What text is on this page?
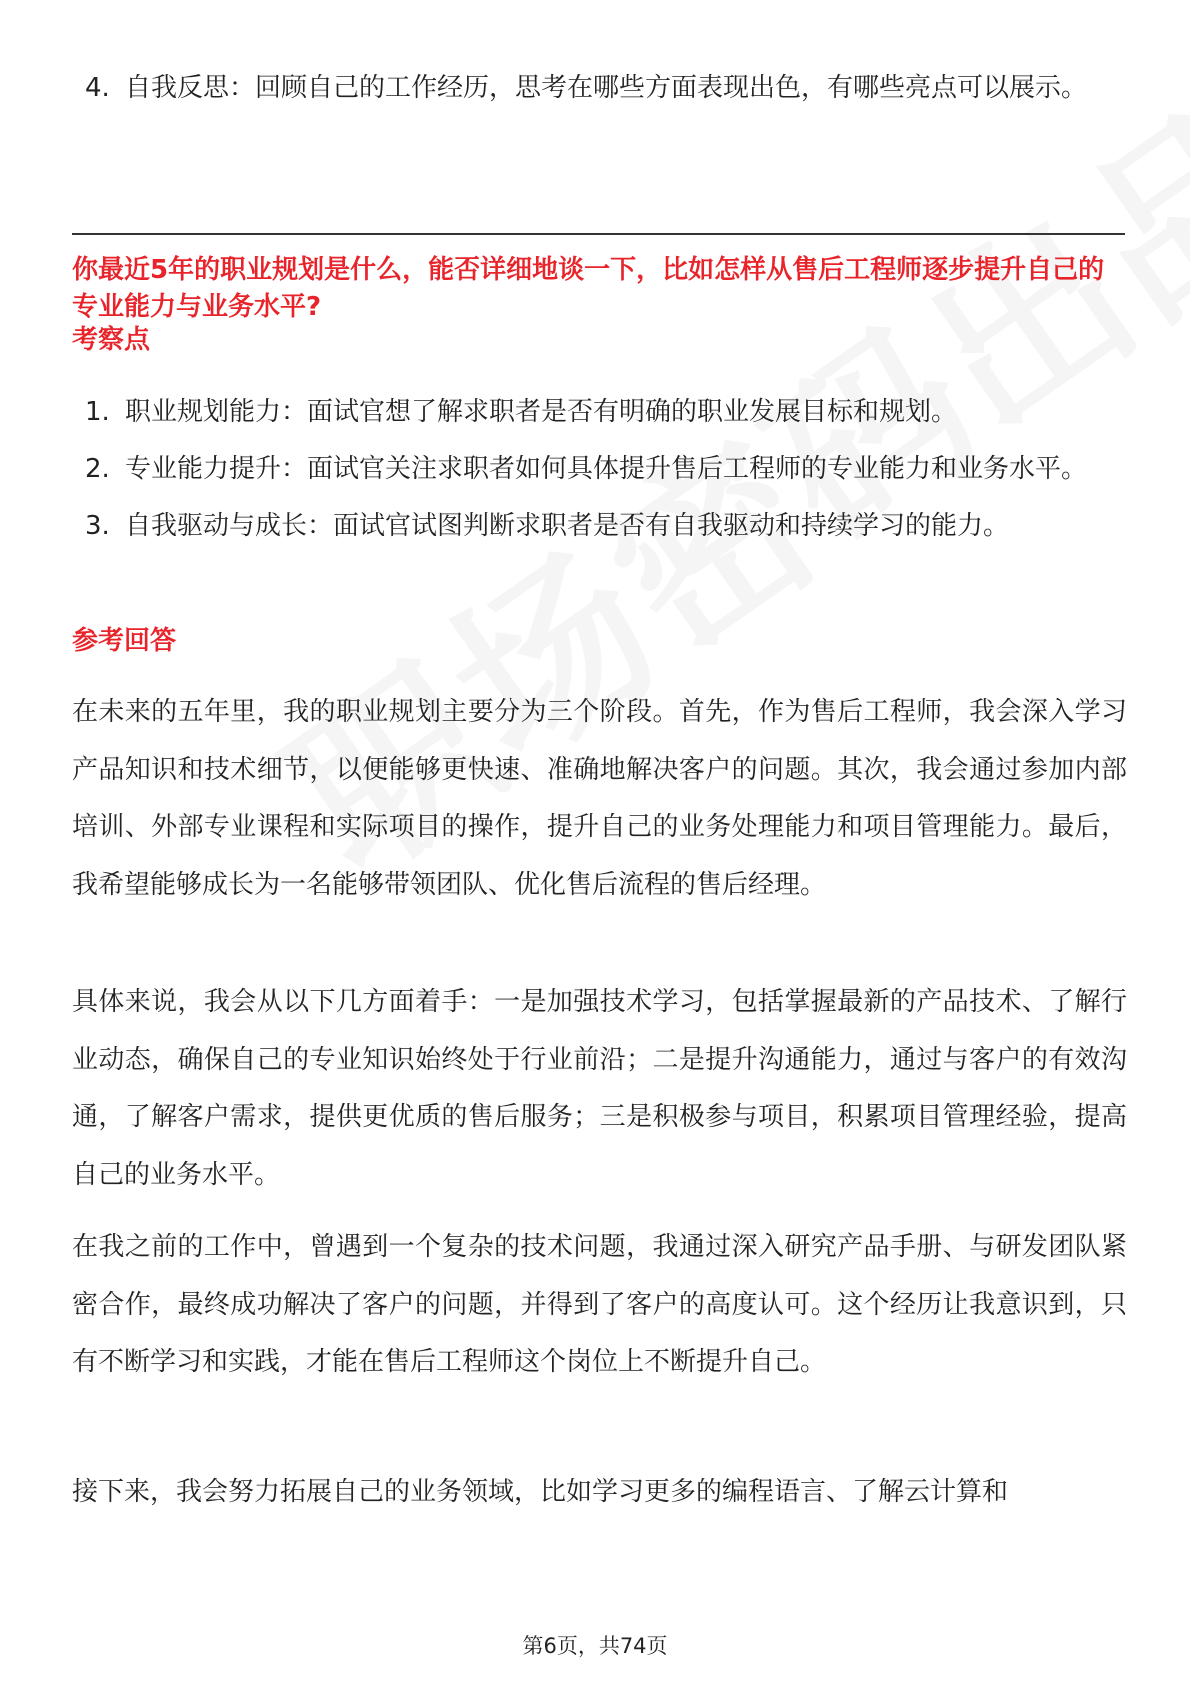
4. 自我反思：回顾自己的工作经历，思考在哪些方面表现出色，有哪些亮点可以展示。

你最近5年的职业规划是什么，能否详细地谈一下，比如怎样从售后工程师逐步提升自己的专业能力与业务水平?

考察点

1. 职业规划能力：面试官想了解求职者是否有明确的职业发展目标和规划。
2. 专业能力提升：面试官关注求职者如何具体提升售后工程师的专业能力和业务水平。
3. 自我驱动与成长：面试官试图判断求职者是否有自我驱动和持续学习的能力。

参考回答

在未来的五年里，我的职业规划主要分为三个阶段。首先，作为售后工程师，我会深入学习产品知识和技术细节，以便能够更快速、准确地解决客户的问题。其次，我会通过参加内部培训、外部专业课程和实际项目的操作，提升自己的业务处理能力和项目管理能力。最后，我希望能够成长为一名能够带领团队、优化售后流程的售后经理。

具体来说，我会从以下几方面着手：一是加强技术学习，包括掌握最新的产品技术、了解行业动态，确保自己的专业知识始终处于行业前沿；二是提升沟通能力，通过与客户的有效沟通，了解客户需求，提供更优质的售后服务；三是积极参与项目，积累项目管理经验，提高自己的业务水平。

在我之前的工作中，曾遇到一个复杂的技术问题，我通过深入研究产品手册、与研发团队紧密合作，最终成功解决了客户的问题，并得到了客户的高度认可。这个经历让我意识到，只有不断学习和实践，才能在售后工程师这个岗位上不断提升自己。

接下来，我会努力拓展自己的业务领域，比如学习更多的编程语言、了解云计算和

第6页，共74页
